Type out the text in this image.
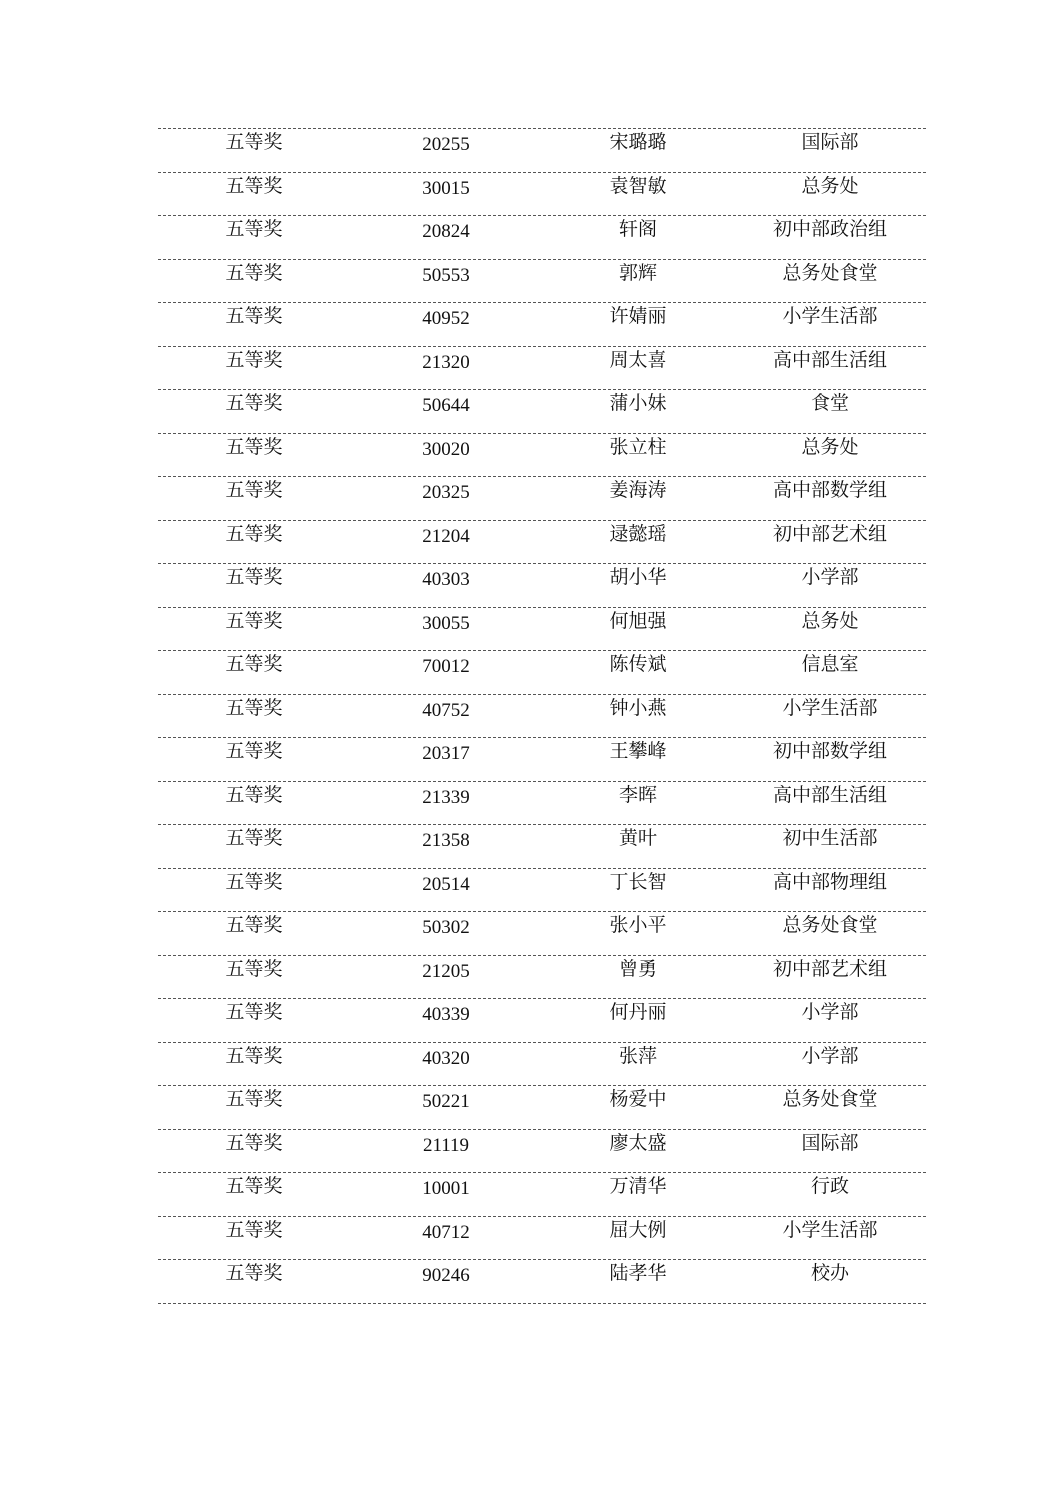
五等奖	20255	宋璐璐	国际部
五等奖	30015	袁智敏	总务处
五等奖	20824	轩阁	初中部政治组
五等奖	50553	郭辉	总务处食堂
五等奖	40952	许婧丽	小学生活部
五等奖	21320	周太喜	高中部生活组
五等奖	50644	蒲小妹	食堂
五等奖	30020	张立柱	总务处
五等奖	20325	姜海涛	高中部数学组
五等奖	21204	逯懿瑶	初中部艺术组
五等奖	40303	胡小华	小学部
五等奖	30055	何旭强	总务处
五等奖	70012	陈传斌	信息室
五等奖	40752	钟小燕	小学生活部
五等奖	20317	王攀峰	初中部数学组
五等奖	21339	李晖	高中部生活组
五等奖	21358	黄叶	初中生活部
五等奖	20514	丁长智	高中部物理组
五等奖	50302	张小平	总务处食堂
五等奖	21205	曾勇	初中部艺术组
五等奖	40339	何丹丽	小学部
五等奖	40320	张萍	小学部
五等奖	50221	杨爱中	总务处食堂
五等奖	21119	廖太盛	国际部
五等奖	10001	万清华	行政
五等奖	40712	屈大例	小学生活部
五等奖	90246	陆孝华	校办
